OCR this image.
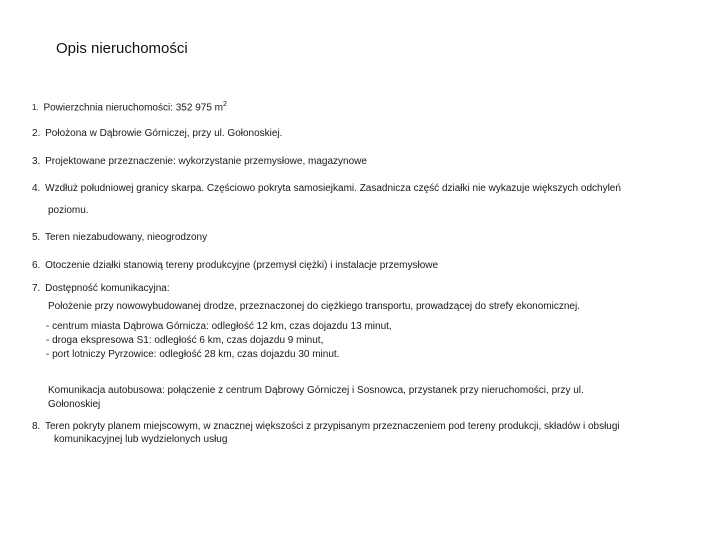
Opis nieruchomości
1. Powierzchnia nieruchomości: 352 975 $m^2$
2. Położona w Dąbrowie Górniczej, przy ul. Gołonoskiej.
3. Projektowane przeznaczenie: wykorzystanie przemysłowe, magazynowe
4. Wzdłuż południowej granicy skarpa. Częściowo pokryta samosiejkami. Zasadnicza część działki nie wykazuje większych odchyleń
poziomu.
5. Teren niezabudowany, nieogrodzony
6. Otoczenie działki stanowią tereny produkcyjne (przemysł ciężki) i instalacje przemysłowe
7. Dostępność komunikacyjna:
Położenie przy nowowybudowanej drodze, przeznaczonej do ciężkiego transportu, prowadzącej do strefy ekonomicznej.
- centrum miasta Dąbrowa Górnicza: odległość 12 km, czas dojazdu 13 minut,
- droga ekspresowa S1: odległość 6 km, czas dojazdu 9 minut,
- port lotniczy Pyrzowice: odległość 28 km, czas dojazdu 30 minut.
Komunikacja autobusowa: połączenie z centrum Dąbrowy Górniczej i Sosnowca, przystanek przy nieruchomości, przy ul.
Gołonoskiej
8. Teren pokryty planem miejscowym, w znacznej większości z przypisanym przeznaczeniem pod tereny produkcji, składów i obsługi
komunikacyjnej lub wydzielonych usług
